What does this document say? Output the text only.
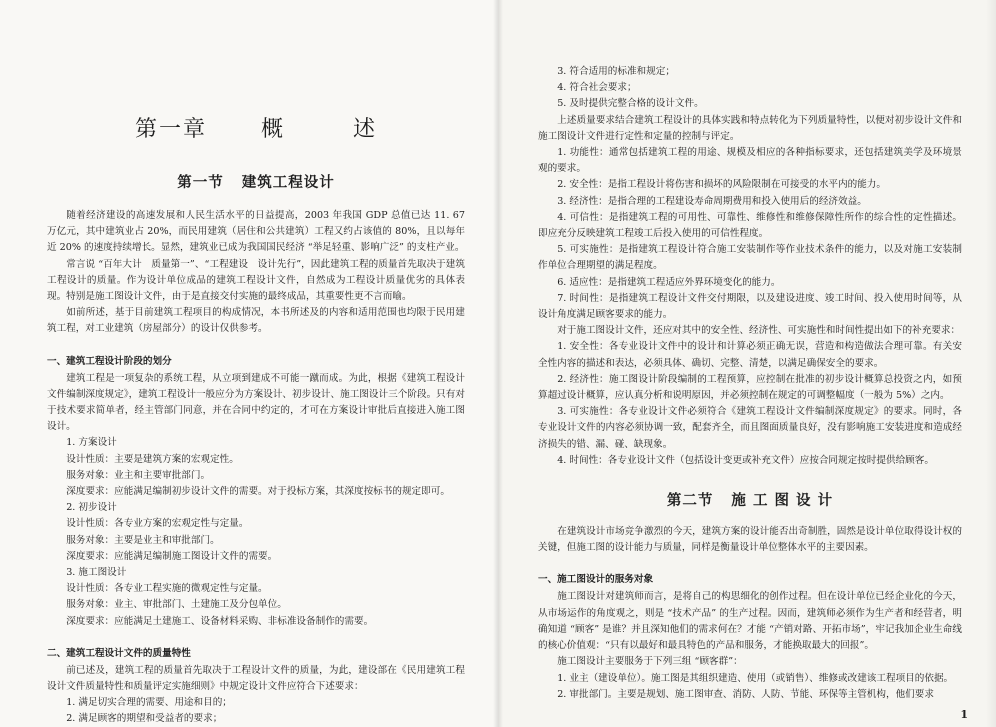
第一章 概	述
第一节 建筑工程设计

随着经济建设的高速发展和人民生活水平的日益提高，2003 年我国 GDP 总值已达 11. 67 万亿元，其中建筑业占 20%，而民用建筑（居住和公共建筑）工程又约占该值的 80%，且以每年近 20% 的速度持续增长。显然，建筑业已成为我国国民经济 “举足轻重、影响广泛” 的支柱产业。

常言说 “百年大计　质量第一”、“工程建设　设计先行”，因此建筑工程的质量首先取决于建筑工程设计的质量。作为设计单位成品的建筑工程设计文件，自然成为工程设计质量优劣的具体表现。特别是施工图设计文件，由于是直接交付实施的最终成品，其重要性更不言而喻。

如前所述，基于目前建筑工程项目的构成情况，本书所述及的内容和适用范围也均限于民用建筑工程，对工业建筑（房屋部分）的设计仅供参考。

一、建筑工程设计阶段的划分

建筑工程是一项复杂的系统工程，从立项到建成不可能一蹴而成。为此，根据《建筑工程设计文件编制深度规定》，建筑工程设计一般应分为方案设计、初步设计、施工图设计三个阶段。只有对于技术要求简单者，经主管部门同意，并在合同中约定的，才可在方案设计审批后直接进入施工图设计。

1. 方案设计

设计性质：主要是建筑方案的宏观定性。

服务对象：业主和主要审批部门。

深度要求：应能满足编制初步设计文件的需要。对于投标方案，其深度按标书的规定即可。

2. 初步设计

设计性质：各专业方案的宏观定性与定量。

服务对象：主要是业主和审批部门。

深度要求：应能满足编制施工图设计文件的需要。

3. 施工图设计

设计性质：各专业工程实施的微观定性与定量。

服务对象：业主、审批部门、土建施工及分包单位。

深度要求：应能满足土建施工、设备材料采购、非标准设备制作的需要。

二、建筑工程设计文件的质量特性

前已述及，建筑工程的质量首先取决于工程设计文件的质量，为此，建设部在《民用建筑工程设计文件质量特性和质量评定实施细则》中规定设计文件应符合下述要求：

1. 满足切实合理的需要、用途和目的；

2. 满足顾客的期望和受益者的要求；

3. 符合适用的标准和规定；

4. 符合社会要求；

5. 及时提供完整合格的设计文件。

上述质量要求结合建筑工程设计的具体实践和特点转化为下列质量特性，以便对初步设计文件和施工图设计文件进行定性和定量的控制与评定。

1. 功能性：通常包括建筑工程的用途、规模及相应的各种指标要求，还包括建筑美学及环境景观的要求。

2. 安全性：是指工程设计将伤害和损坏的风险限制在可接受的水平内的能力。

3. 经济性：是指合理的工程建设寿命周期费用和投入使用后的经济效益。

4. 可信性：是指建筑工程的可用性、可靠性、维修性和维修保障性所作的综合性的定性描述。即应充分反映建筑工程竣工后投入使用的可信性程度。

5. 可实施性：是指建筑工程设计符合施工安装制作等作业技术条件的能力，以及对施工安装制作单位合理期望的满足程度。

6. 适应性：是指建筑工程适应外界环境变化的能力。

7. 时间性：是指建筑工程设计文件交付期限，以及建设进度、竣工时间、投入使用时间等，从设计角度满足顾客要求的能力。

对于施工图设计文件，还应对其中的安全性、经济性、可实施性和时间性提出如下的补充要求：

1. 安全性：各专业设计文件中的设计和计算必须正确无误，营造和构造做法合理可靠。有关安全性内容的描述和表达，必须具体、确切、完整、清楚，以满足确保安全的要求。

2. 经济性：施工图设计阶段编制的工程预算，应控制在批准的初步设计概算总投资之内，如预算超过设计概算，应认真分析和说明原因，并必须控制在规定的可调整幅度（一般为 5%）之内。

3. 可实施性：各专业设计文件必须符合《建筑工程设计文件编制深度规定》的要求。同时，各专业设计文件的内容必须协调一致，配套齐全，而且图面质量良好，没有影响施工安装进度和造成经济损失的错、漏、碰、缺现象。

4. 时间性：各专业设计文件（包括设计变更或补充文件）应按合同规定按时提供给顾客。

第二节 施 工 图 设 计

在建筑设计市场竞争激烈的今天，建筑方案的设计能否出奇制胜，固然是设计单位取得设计权的关键，但施工图的设计能力与质量，同样是衡量设计单位整体水平的主要因素。

一、施工图设计的服务对象

施工图设计对建筑师而言，是将自己的构思细化的创作过程。但在设计单位已经企业化的今天，从市场运作的角度观之，则是 “技术产品” 的生产过程。因而，建筑师必须作为生产者和经营者，明确知道 “顾客” 是谁？并且深知他们的需求何在？才能 “产销对路、开拓市场”，牢记我加企业生命线的核心价值观：“只有以最好和最具特色的产品和服务，才能换取最大的回报”。

施工图设计主要服务于下列三组 “顾客群”：

1. 业主（建设单位）。施工图是其组织建造、使用（或销售）、维修或改建该工程项目的依据。

2. 审批部门。主要是规划、施工图审查、消防、人防、节能、环保等主管机构，他们要求

1
